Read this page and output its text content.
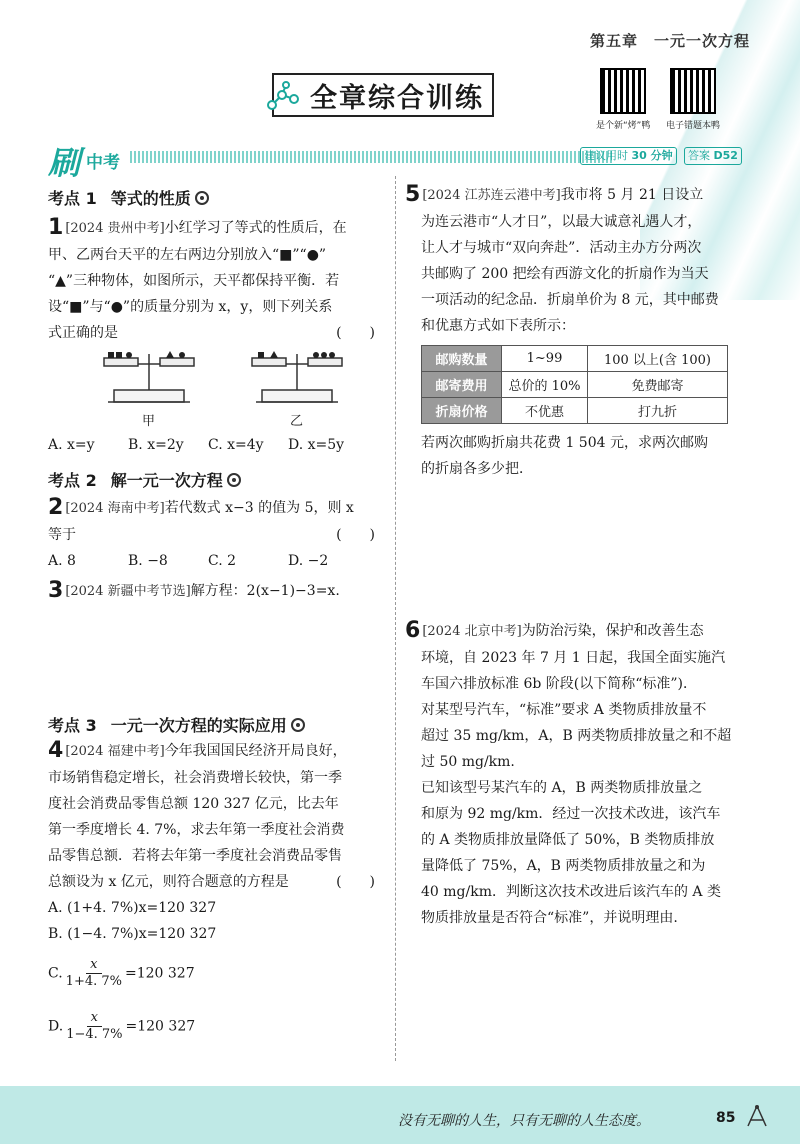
第五章　一元一次方程
全章综合训练
是个新“烤”鸭 电子错题本鸭
刷 中考	建议用时 30 分钟	答案 D52
考点 1 等式的性质
1 [2024 贵州中考]小红学习了等式的性质后，在
甲、乙两台天平的左右两边分别放入“■”“●”
“▲”三种物体，如图所示，天平都保持平衡．若
设“■”与“●”的质量分别为 x，y，则下列关系
式正确的是	(　　)
甲	乙
A. x=y B. x=2y C. x=4y D. x=5y
考点 2 解一元一次方程
2 [2024 海南中考]若代数式 x−3 的值为 5，则 x
等于	(　　)
A. 8	B. −8	C. 2	D. −2
3 [2024 新疆中考节选]解方程：2(x−1)−3=x.
考点 3 一元一次方程的实际应用
4 [2024 福建中考]今年我国国民经济开局良好，
市场销售稳定增长，社会消费增长较快，第一季
度社会消费品零售总额 120 327 亿元，比去年
第一季度增长 4. 7%，求去年第一季度社会消费
品零售总额．若将去年第一季度社会消费品零售
总额设为 x 亿元，则符合题意的方程是	(　　)
A. (1+4. 7%)x=120 327
B. (1−4. 7%)x=120 327
C. $\frac{x}{1+4. 7\%} =120$ 327
D. $\frac{x}{1-4. 7\%} =120$ 327
5 [2024 江苏连云港中考]我市将 5 月 21 日设立
为连云港市“人才日”，以最大诚意礼遇人才，
让人才与城市“双向奔赴”．活动主办方分两次
共邮购了 200 把绘有西游文化的折扇作为当天
一项活动的纪念品．折扇单价为 8 元，其中邮费
和优惠方式如下表所示：
邮购数量	1~99	100 以上(含 100)
邮寄费用	总价的 10%	免费邮寄
折扇价格	不优惠	打九折
若两次邮购折扇共花费 1 504 元，求两次邮购
的折扇各多少把．
6 [2024 北京中考]为防治污染，保护和改善生态
环境，自 2023 年 7 月 1 日起，我国全面实施汽
车国六排放标准 6b 阶段(以下简称“标准”)．
对某型号汽车，“标准”要求 A 类物质排放量不
超过 35 mg/km，A，B 两类物质排放量之和不超
过 50 mg/km.
已知该型号某汽车的 A，B 两类物质排放量之
和原为 92 mg/km．经过一次技术改进，该汽车
的 A 类物质排放量降低了 50%，B 类物质排放
量降低了 75%，A，B 两类物质排放量之和为
40 mg/km．判断这次技术改进后该汽车的 A 类
物质排放量是否符合“标准”，并说明理由.
没有无聊的人生，只有无聊的人生态度。	85
